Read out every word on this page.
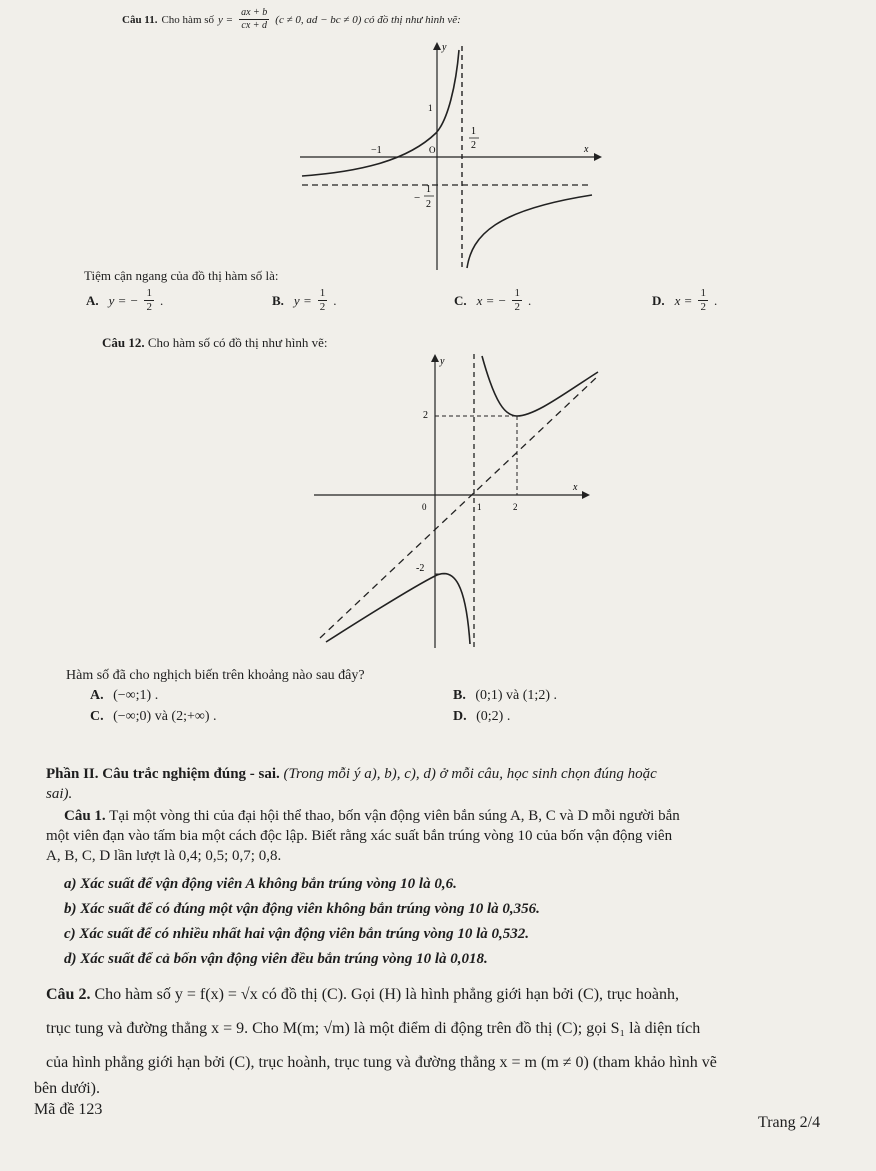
Câu 11. Cho hàm số $y = \frac{ax + b}{cx + d} (c \ne 0$, ad − bc ≠ 0) có đồ thị như hình vẽ:
y
x
1
−1	O
1
2
−
1
2
Tiệm cận ngang của đồ thị hàm số là:
A. y = − $\frac{1}{2}$ .	B. $y = \frac{1}{2}$ .	C. x = − $\frac{1}{2}$ .	D. $x = \frac{1}{2}$ .
Câu 12. Cho hàm số có đồ thị như hình vẽ:
y
x
2
-2
0	1	2
Hàm số đã cho nghịch biến trên khoảng nào sau đây?
A. (−∞;1) .	B. (0;1) và (1;2) .
C. (−∞;0) và (2;+∞) .	D. (0;2) .
Phần II. Câu trắc nghiệm đúng - sai. (Trong mỗi ý a), b), c), d) ở mỗi câu, học sinh chọn đúng hoặc
sai).
Câu 1. Tại một vòng thi của đại hội thể thao, bốn vận động viên bắn súng A, B, C và D mỗi người bắn
một viên đạn vào tấm bia một cách độc lập. Biết rằng xác suất bắn trúng vòng 10 của bốn vận động viên
A, B, C, D lần lượt là 0,4; 0,5; 0,7; 0,8.
a) Xác suất để vận động viên A không bắn trúng vòng 10 là 0,6.
b) Xác suất để có đúng một vận động viên không bắn trúng vòng 10 là 0,356.
c) Xác suất để có nhiều nhất hai vận động viên bắn trúng vòng 10 là 0,532.
d) Xác suất để cả bốn vận động viên đều bắn trúng vòng 10 là 0,018.
Câu 2. Cho hàm số y = f(x) = √x có đồ thị (C). Gọi (H) là hình phẳng giới hạn bởi (C), trục hoành,
trục tung và đường thẳng x = 9. Cho M(m; √m) là một điểm di động trên đồ thị (C); gọi S₁ là diện tích
của hình phẳng giới hạn bởi (C), trục hoành, trục tung và đường thẳng x = m (m ≠ 0) (tham khảo hình vẽ
bên dưới).
Mã đề 123
Trang 2/4
